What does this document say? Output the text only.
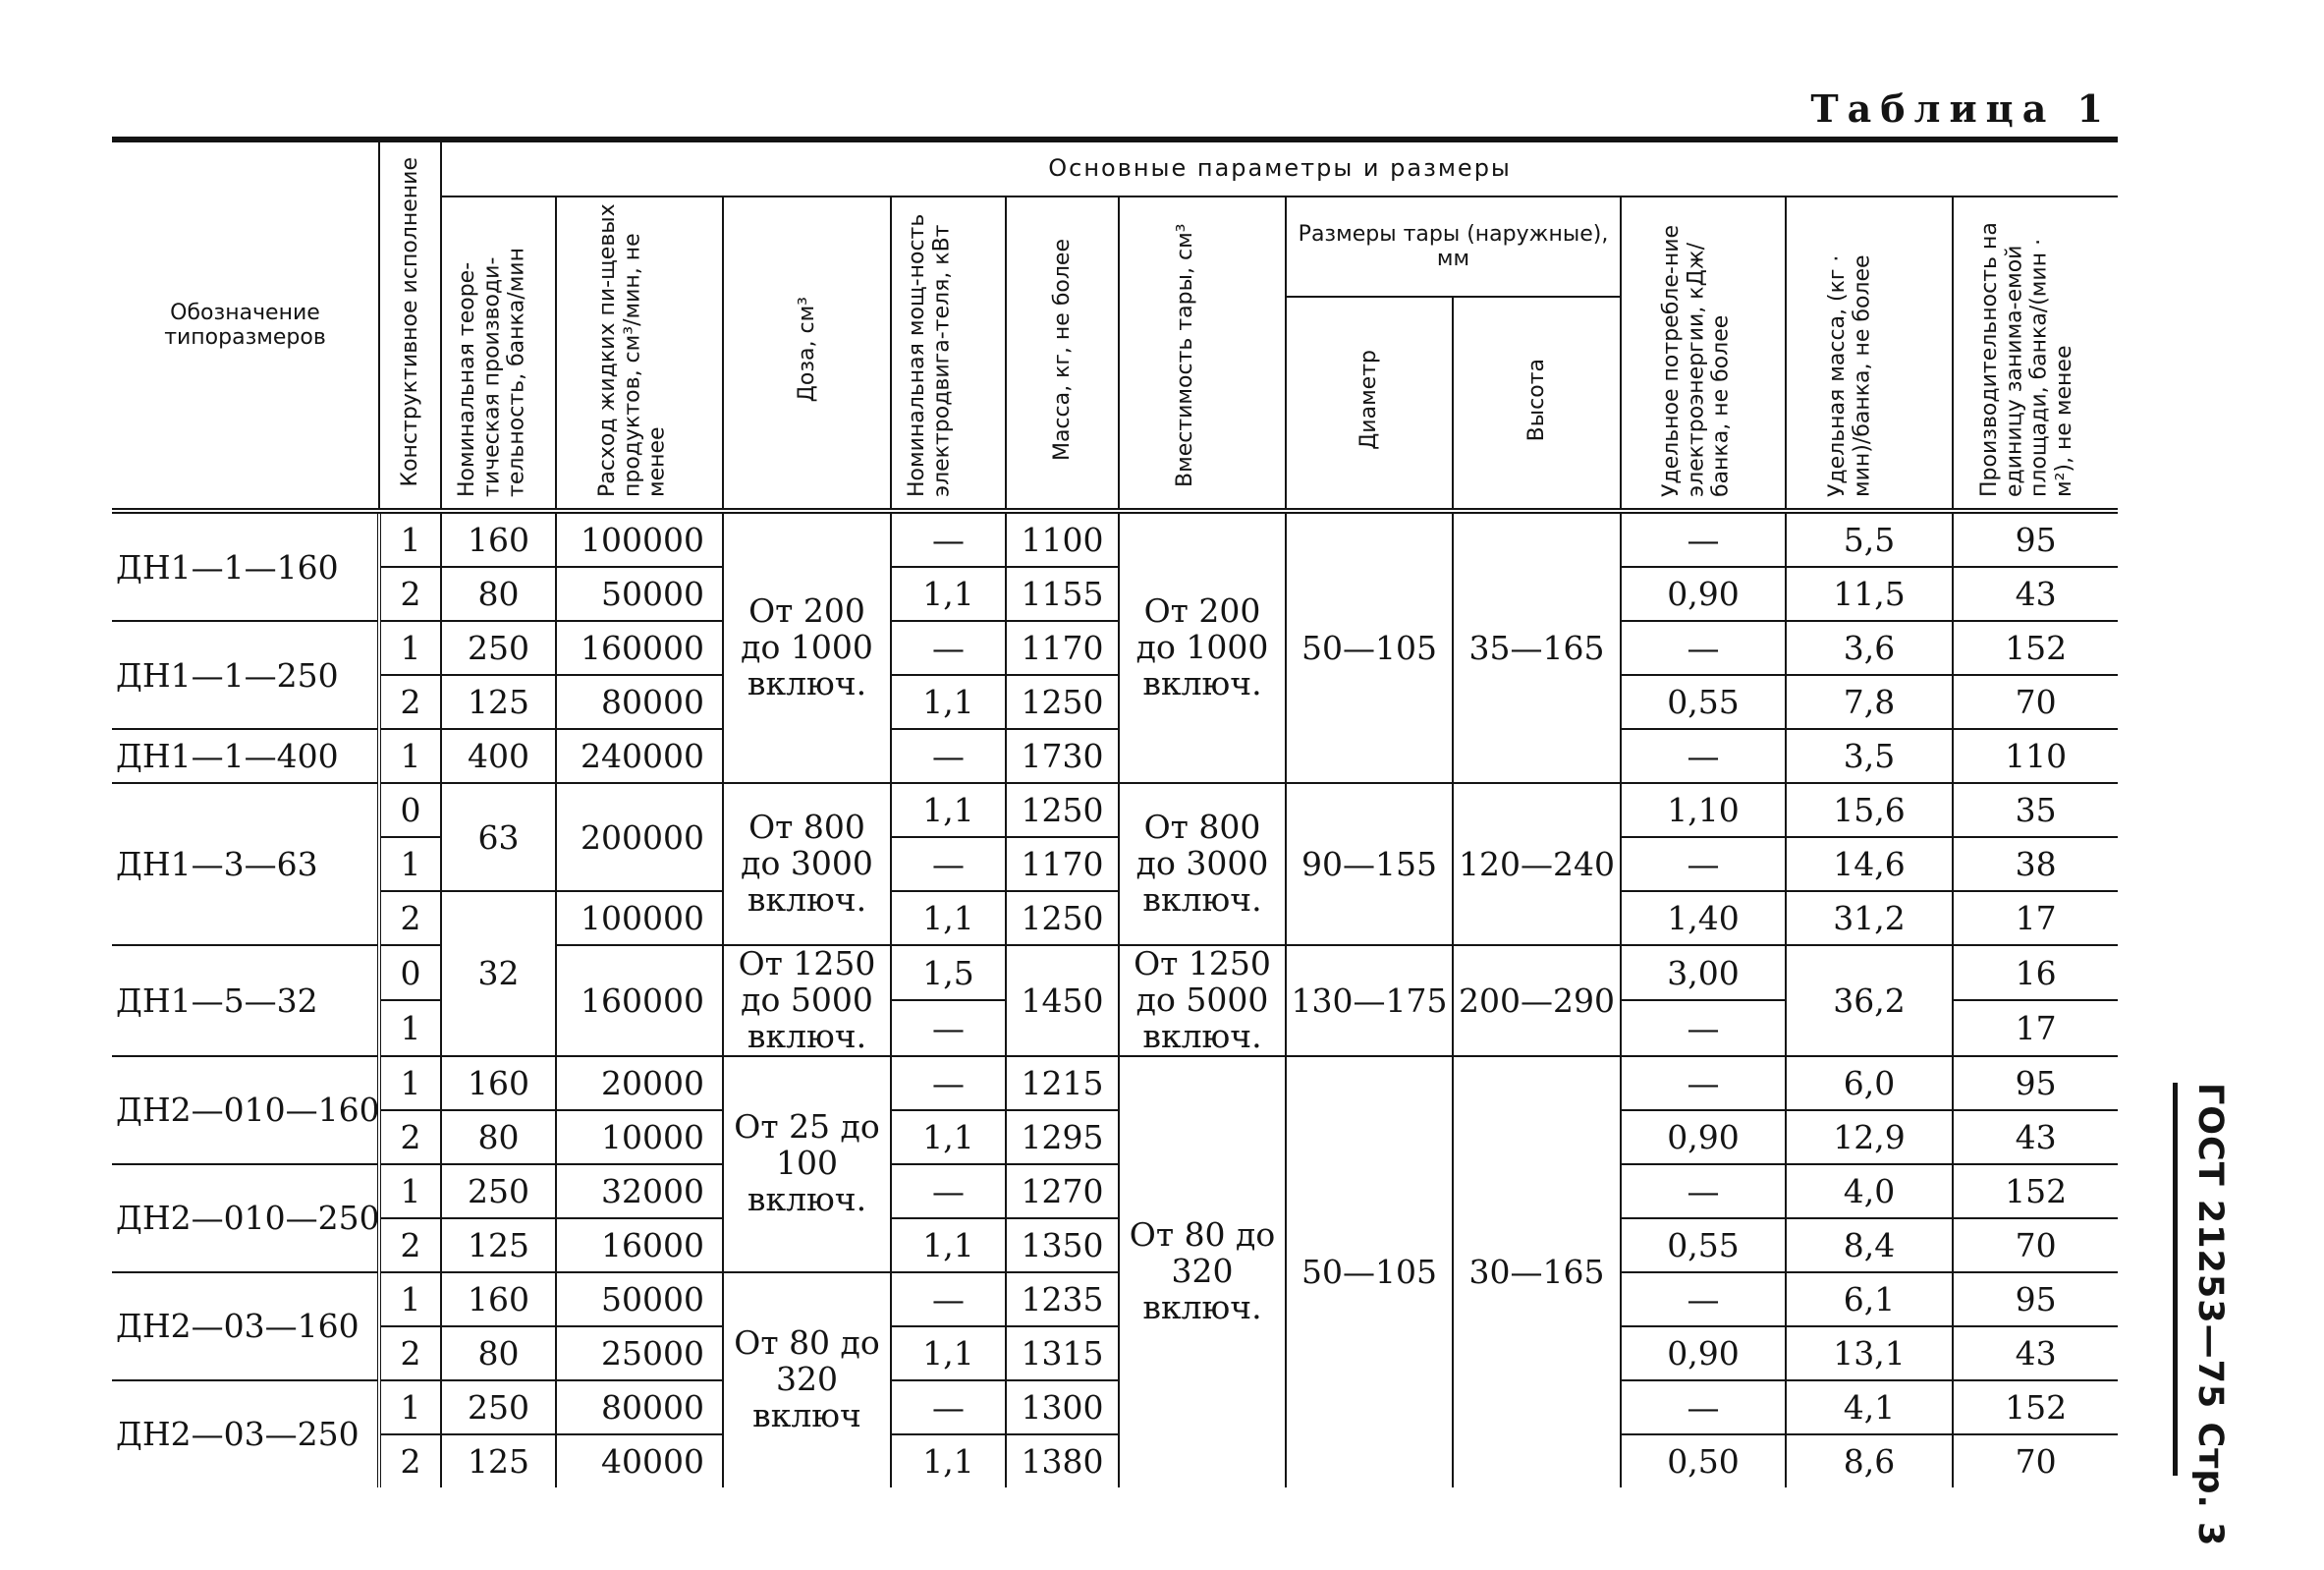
Таблица 1
ГОСТ 21253—75 Стр. 3
Обозначение типоразмеров	Конструктивное исполнение	Основные параметры и размеры										
		Номинальная теоре-тическая производи-тельность, банка/мин	Расход жидких пи-щевых продуктов, см³/мин, не менее	Доза, см³	Номинальная мощ-ность электродвига-теля, кВт	Масса, кг, не более	Вместимость тары, см³	Размеры тары (наружные), мм		Удельное потребле-ние электроэнергии, кДж/банка, не более	Удельная масса, (кг · мин)/банка, не более	Производительность на единицу занима-емой площади, банка/(мин · м²), не менее
								Диаметр	Высота			
ДН1—1—160	1	160	100000	От 200 до 1000 включ.	—	1100	От 200 до 1000 включ.	50—105	35—165	—	5,5	95
	2	80	50000		1,1	1155				0,90	11,5	43
ДН1—1—250	1	250	160000		—	1170				—	3,6	152
	2	125	80000		1,1	1250				0,55	7,8	70
ДН1—1—400	1	400	240000		—	1730				—	3,5	110
ДН1—3—63	0	63	200000	От 800 до 3000 включ.	1,1	1250	От 800 до 3000 включ.	90—155	120—240	1,10	15,6	35
	1				—	1170				—	14,6	38
	2	32	100000		1,1	1250				1,40	31,2	17
ДН1—5—32	0		160000	От 1250 до 5000 включ.	1,5	1450	От 1250 до 5000 включ.	130—175	200—290	3,00	36,2	16
	1				—					—		17
ДН2—010—160	1	160	20000	От 25 до 100 включ.	—	1215	От 80 до 320 включ.	50—105	30—165	—	6,0	95
	2	80	10000		1,1	1295				0,90	12,9	43
ДН2—010—250	1	250	32000		—	1270				—	4,0	152
	2	125	16000		1,1	1350				0,55	8,4	70
ДН2—03—160	1	160	50000	От 80 до 320 включ	—	1235				—	6,1	95
	2	80	25000		1,1	1315				0,90	13,1	43
ДН2—03—250	1	250	80000		—	1300				—	4,1	152
	2	125	40000		1,1	1380				0,50	8,6	70
